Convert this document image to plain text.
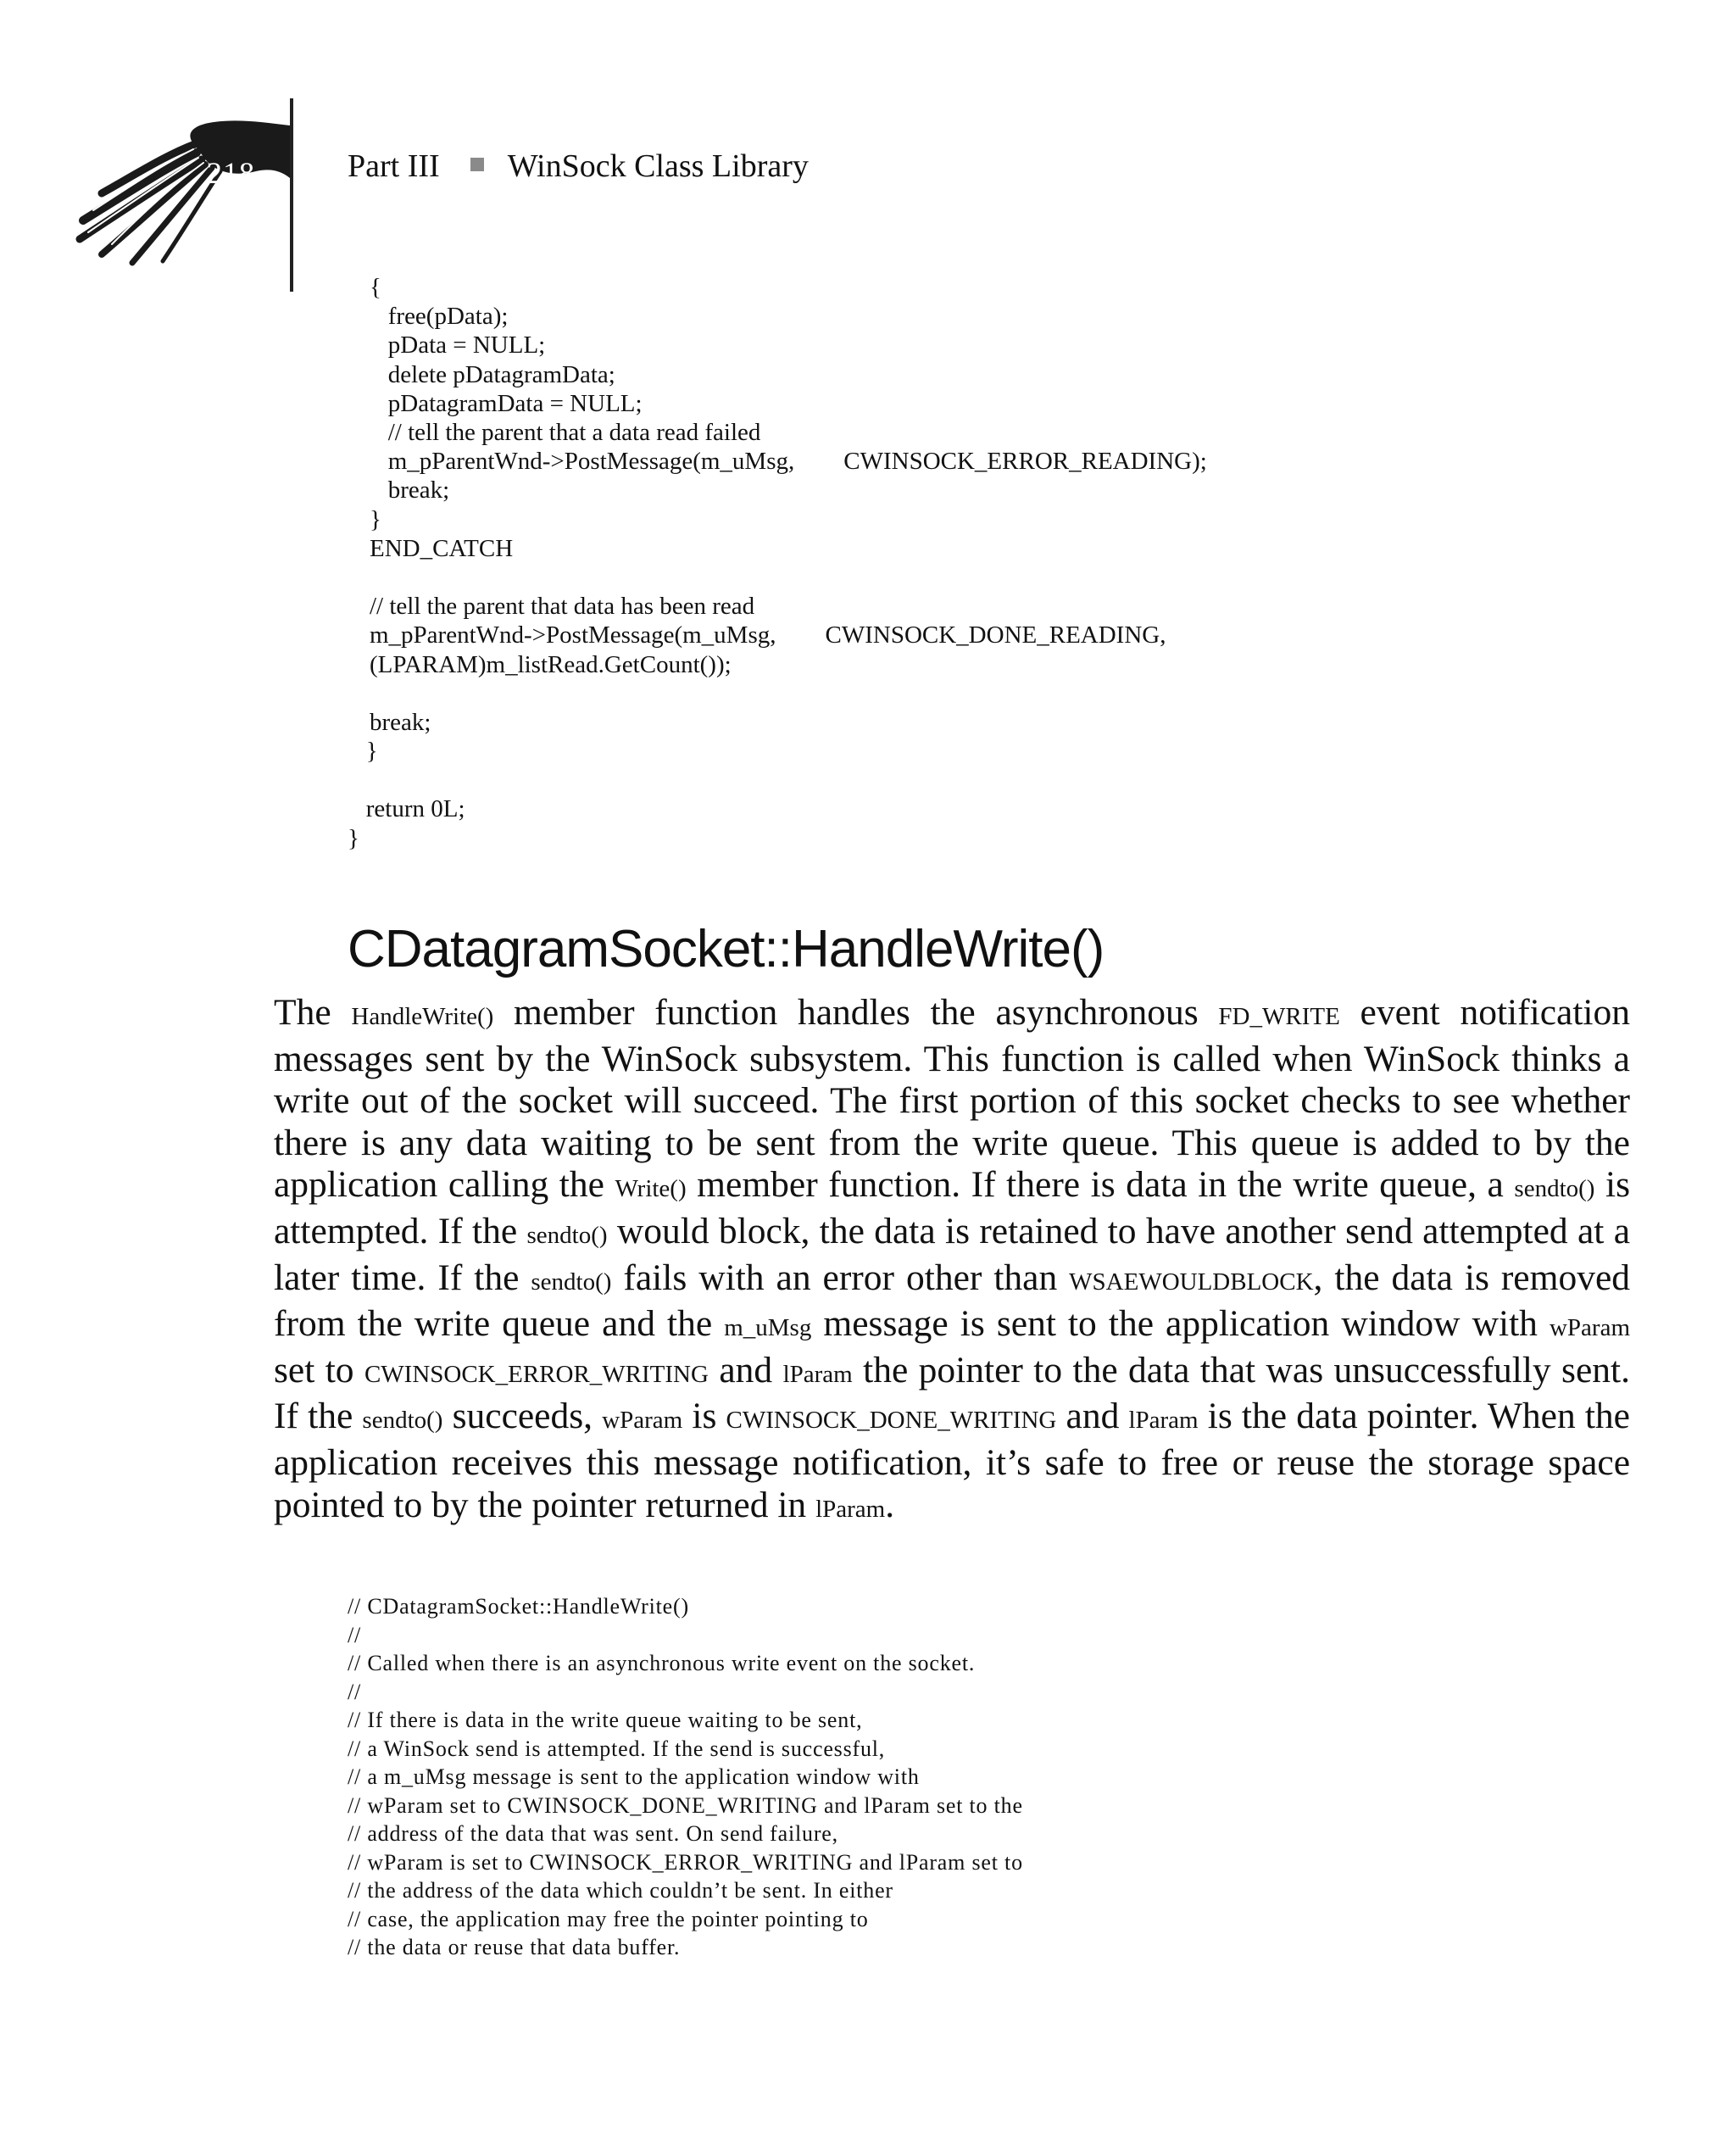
218	Part III WinSock Class Library
{
free(pData);
pData = NULL;
delete pDatagramData;
pDatagramData = NULL;
// tell the parent that a data read failed
m_pParentWnd->PostMessage(m_uMsg,        CWINSOCK_ERROR_READING);
break;
}
END_CATCH

// tell the parent that data has been read
m_pParentWnd->PostMessage(m_uMsg,        CWINSOCK_DONE_READING,
(LPARAM)m_listRead.GetCount());

break;
}

return 0L;
}
CDatagramSocket::HandleWrite()

The HandleWrite() member function handles the asynchronous FD_WRITE event notification messages sent by the WinSock subsystem. This function is called when WinSock thinks a write out of the socket will succeed. The first portion of this socket checks to see whether there is any data waiting to be sent from the write queue. This queue is added to by the application calling the Write() member function. If there is data in the write queue, a sendto() is attempted. If the sendto() would block, the data is retained to have another send attempted at a later time. If the sendto() fails with an error other than WSAEWOULDBLOCK, the data is removed from the write queue and the m_uMsg message is sent to the application window with wParam set to CWINSOCK_ERROR_WRITING and lParam the pointer to the data that was unsuccessfully sent. If the sendto() succeeds, wParam is CWINSOCK_DONE_WRITING and lParam is the data pointer. When the application receives this message notification, it’s safe to free or reuse the storage space pointed to by the pointer returned in lParam.

// CDatagramSocket::HandleWrite()
//
// Called when there is an asynchronous write event on the socket.
//
// If there is data in the write queue waiting to be sent,
// a WinSock send is attempted. If the send is successful,
// a m_uMsg message is sent to the application window with
// wParam set to CWINSOCK_DONE_WRITING and lParam set to the
// address of the data that was sent. On send failure,
// wParam is set to CWINSOCK_ERROR_WRITING and lParam set to
// the address of the data which couldn’t be sent. In either
// case, the application may free the pointer pointing to
// the data or reuse that data buffer.
